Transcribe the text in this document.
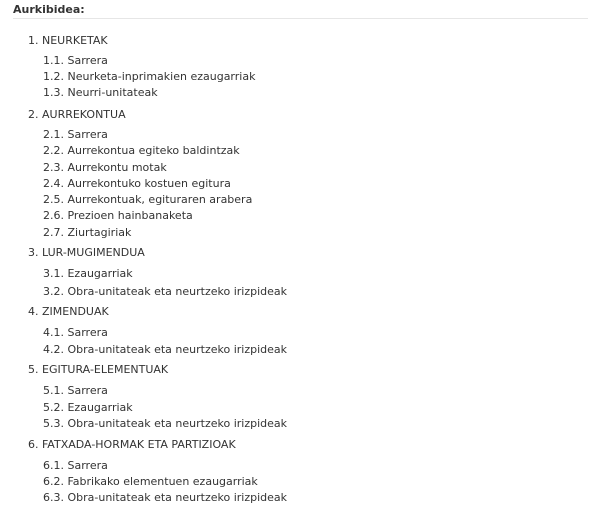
Aurkibidea:
1. NEURKETAK
1.1. Sarrera
1.2. Neurketa-inprimakien ezaugarriak
1.3. Neurri-unitateak
2. AURREKONTUA
2.1. Sarrera
2.2. Aurrekontua egiteko baldintzak
2.3. Aurrekontu motak
2.4. Aurrekontuko kostuen egitura
2.5. Aurrekontuak, egituraren arabera
2.6. Prezioen hainbanaketa
2.7. Ziurtagiriak
3. LUR-MUGIMENDUA
3.1. Ezaugarriak
3.2. Obra-unitateak eta neurtzeko irizpideak
4. ZIMENDUAK
4.1. Sarrera
4.2. Obra-unitateak eta neurtzeko irizpideak
5. EGITURA-ELEMENTUAK
5.1. Sarrera
5.2. Ezaugarriak
5.3. Obra-unitateak eta neurtzeko irizpideak
6. FATXADA-HORMAK ETA PARTIZIOAK
6.1. Sarrera
6.2. Fabrikako elementuen ezaugarriak
6.3. Obra-unitateak eta neurtzeko irizpideak
